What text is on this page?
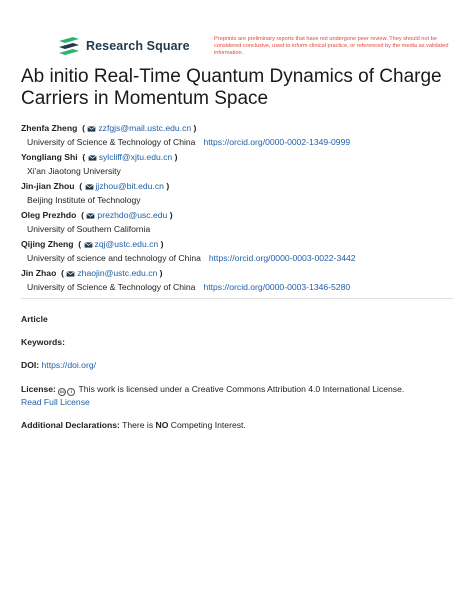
Research Square	Preprints are preliminary reports that have not undergone peer review. They should not be considered conclusive, used to inform clinical practice, or referenced by the media as validated information.
Ab initio Real-Time Quantum Dynamics of Charge Carriers in Momentum Space
Zhenfa Zheng  ( zzfgjs@mail.ustc.edu.cn )
University of Science & Technology of China https://orcid.org/0000-0002-1349-0999
Yongliang Shi  ( sylcliff@xjtu.edu.cn )
Xi'an Jiaotong University
Jin-jian Zhou  ( jjzhou@bit.edu.cn )
Beijing Institute of Technology
Oleg Prezhdo  ( prezhdo@usc.edu )
University of Southern California
Qijing Zheng  ( zqj@ustc.edu.cn )
University of science and technology of China https://orcid.org/0000-0003-0022-3442
Jin Zhao  ( zhaojin@ustc.edu.cn )
University of Science & Technology of China https://orcid.org/0000-0003-1346-5280
Article
Keywords:
DOI: https://doi.org/
License: cc i This work is licensed under a Creative Commons Attribution 4.0 International License.
Read Full License
Additional Declarations: There is NO Competing Interest.
